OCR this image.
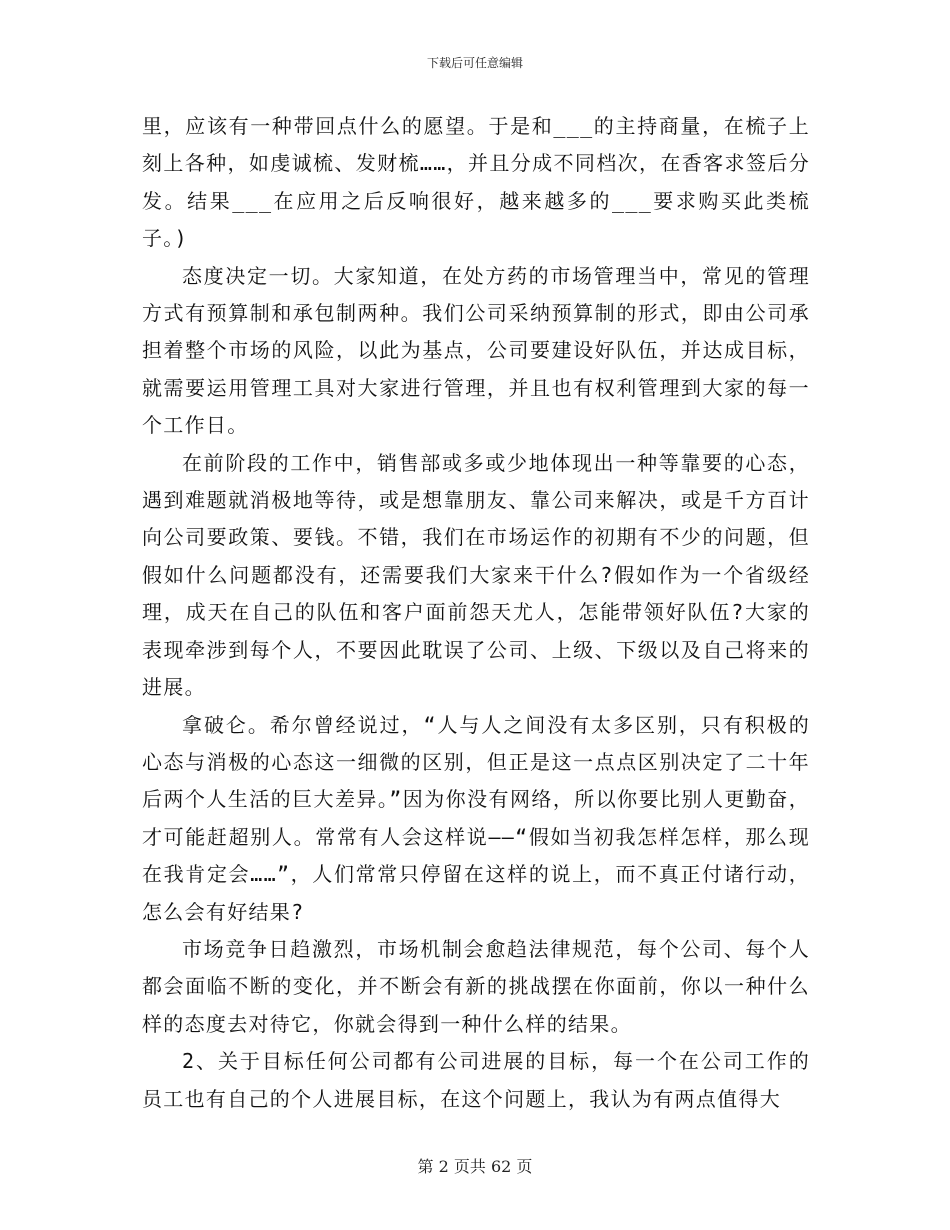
下载后可任意编辑

里，应该有一种带回点什么的愿望。于是和___的主持商量，在梳子上刻上各种，如虔诚梳、发财梳……，并且分成不同档次，在香客求签后分发。结果___在应用之后反响很好，越来越多的___要求购买此类梳子。)

态度决定一切。大家知道，在处方药的市场管理当中，常见的管理方式有预算制和承包制两种。我们公司采纳预算制的形式，即由公司承担着整个市场的风险，以此为基点，公司要建设好队伍，并达成目标，就需要运用管理工具对大家进行管理，并且也有权利管理到大家的每一个工作日。

在前阶段的工作中，销售部或多或少地体现出一种等靠要的心态，遇到难题就消极地等待，或是想靠朋友、靠公司来解决，或是千方百计向公司要政策、要钱。不错，我们在市场运作的初期有不少的问题，但假如什么问题都没有，还需要我们大家来干什么?假如作为一个省级经理，成天在自己的队伍和客户面前怨天尤人，怎能带领好队伍?大家的表现牵涉到每个人，不要因此耽误了公司、上级、下级以及自己将来的进展。

拿破仑。希尔曾经说过，“人与人之间没有太多区别，只有积极的心态与消极的心态这一细微的区别，但正是这一点点区别决定了二十年后两个人生活的巨大差异。”因为你没有网络，所以你要比别人更勤奋，才可能赶超别人。常常有人会这样说——“假如当初我怎样怎样，那么现在我肯定会……”，人们常常只停留在这样的说上，而不真正付诸行动，怎么会有好结果?

市场竞争日趋激烈，市场机制会愈趋法律规范，每个公司、每个人都会面临不断的变化，并不断会有新的挑战摆在你面前，你以一种什么样的态度去对待它，你就会得到一种什么样的结果。

2、关于目标任何公司都有公司进展的目标，每一个在公司工作的员工也有自己的个人进展目标，在这个问题上，我认为有两点值得大

第 2 页共 62 页
